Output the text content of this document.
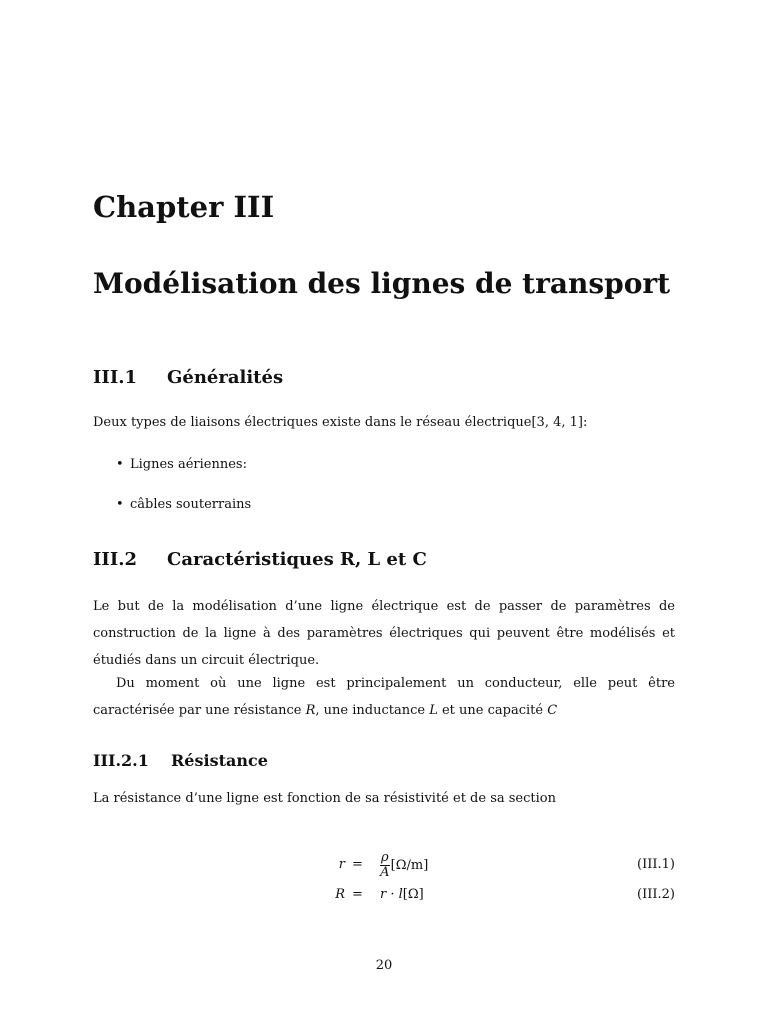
Chapter III
Modélisation des lignes de transport
III.1 Généralités
Deux types de liaisons électriques existe dans le réseau électrique[3, 4, 1]:
• Lignes aériennes:
• câbles souterrains
III.2 Caractéristiques R, L et C
Le but de la modélisation d’une ligne électrique est de passer de paramètres de construction de la ligne à des paramètres électriques qui peuvent être modélisés et étudiés dans un circuit électrique.
Du moment où une ligne est principalement un conducteur, elle peut être caractérisée par une résistance R, une inductance L et une capacité C
III.2.1 Résistance
La résistance d’une ligne est fonction de sa résistivité et de sa section
$r = \frac{\rho}{A} [\Omega/m]$	(III.1)
R = r · l[Ω]	(III.2)
20
